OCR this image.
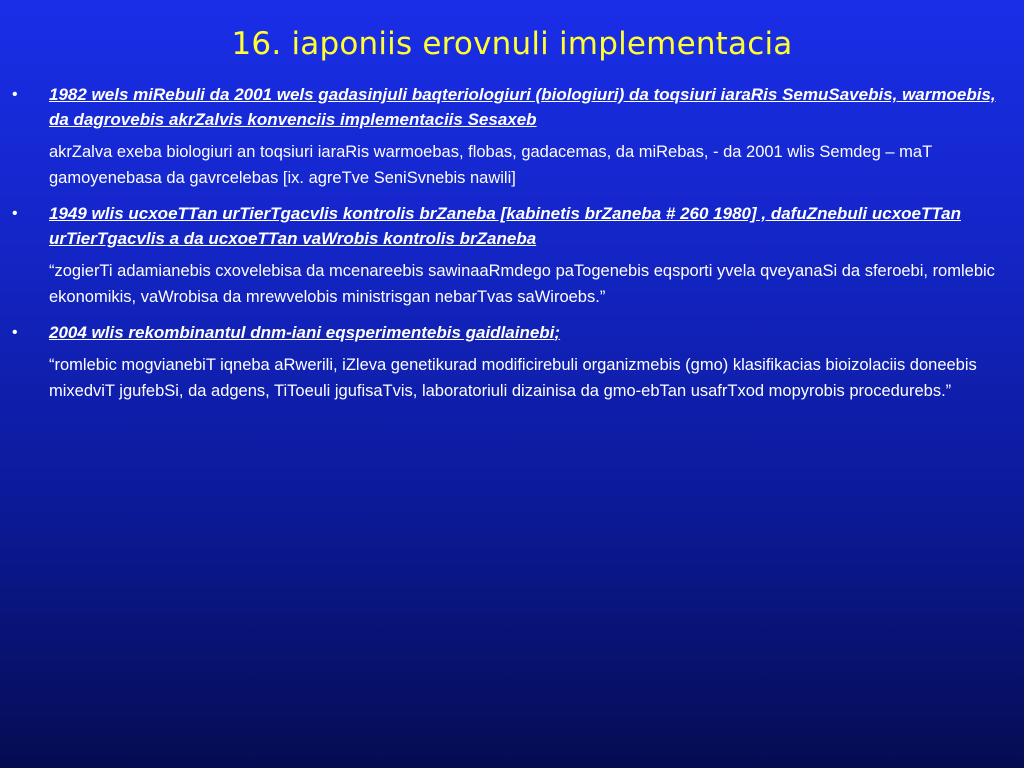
16. iaponiis erovnuli implementacia
• 1982 wels miRebuli da 2001 wels gadasinjuli baqteriologiuri (biologiuri) da toqsiuri iaraRis SemuSavebis, warmoebis, da dagrovebis akrZalvis konvenciis implementaciis Sesaxeb

akrZalva exeba biologiuri an toqsiuri iaraRis warmoebas, flobas, gadacemas, da miRebas, - da 2001 wlis Semdeg – maT gamoyenebasa da gavrcelebas [ix. agreTve SeniSvnebis nawili]

• 1949 wlis ucxoeTTan urTierTgacvlis kontrolis brZaneba [kabinetis brZaneba # 260 1980] , dafuZnebuli ucxoeTTan urTierTgacvlis a da ucxoeTTan vaWrobis kontrolis brZaneba

“zogierTi adamianebis cxovelebisa da mcenareebis sawinaaRmdego paTogenebis eqsporti yvela qveyanaSi da sferoebi, romlebic ekonomikis, vaWrobisa da mrewvelobis ministrisgan nebarTvas saWiroebs.”

• 2004 wlis rekombinantul dnm-iani eqsperimentebis gaidlainebi;

“romlebic mogvianebiT iqneba aRwerili, iZleva genetikurad modificirebuli organizmebis (gmo) klasifikacias bioizolaciis doneebis mixedviT jgufebSi, da adgens, TiToeuli jgufisaTvis, laboratoriuli dizainisa da gmo-ebTan usafrTxod mopyrobis procedurebs.”
